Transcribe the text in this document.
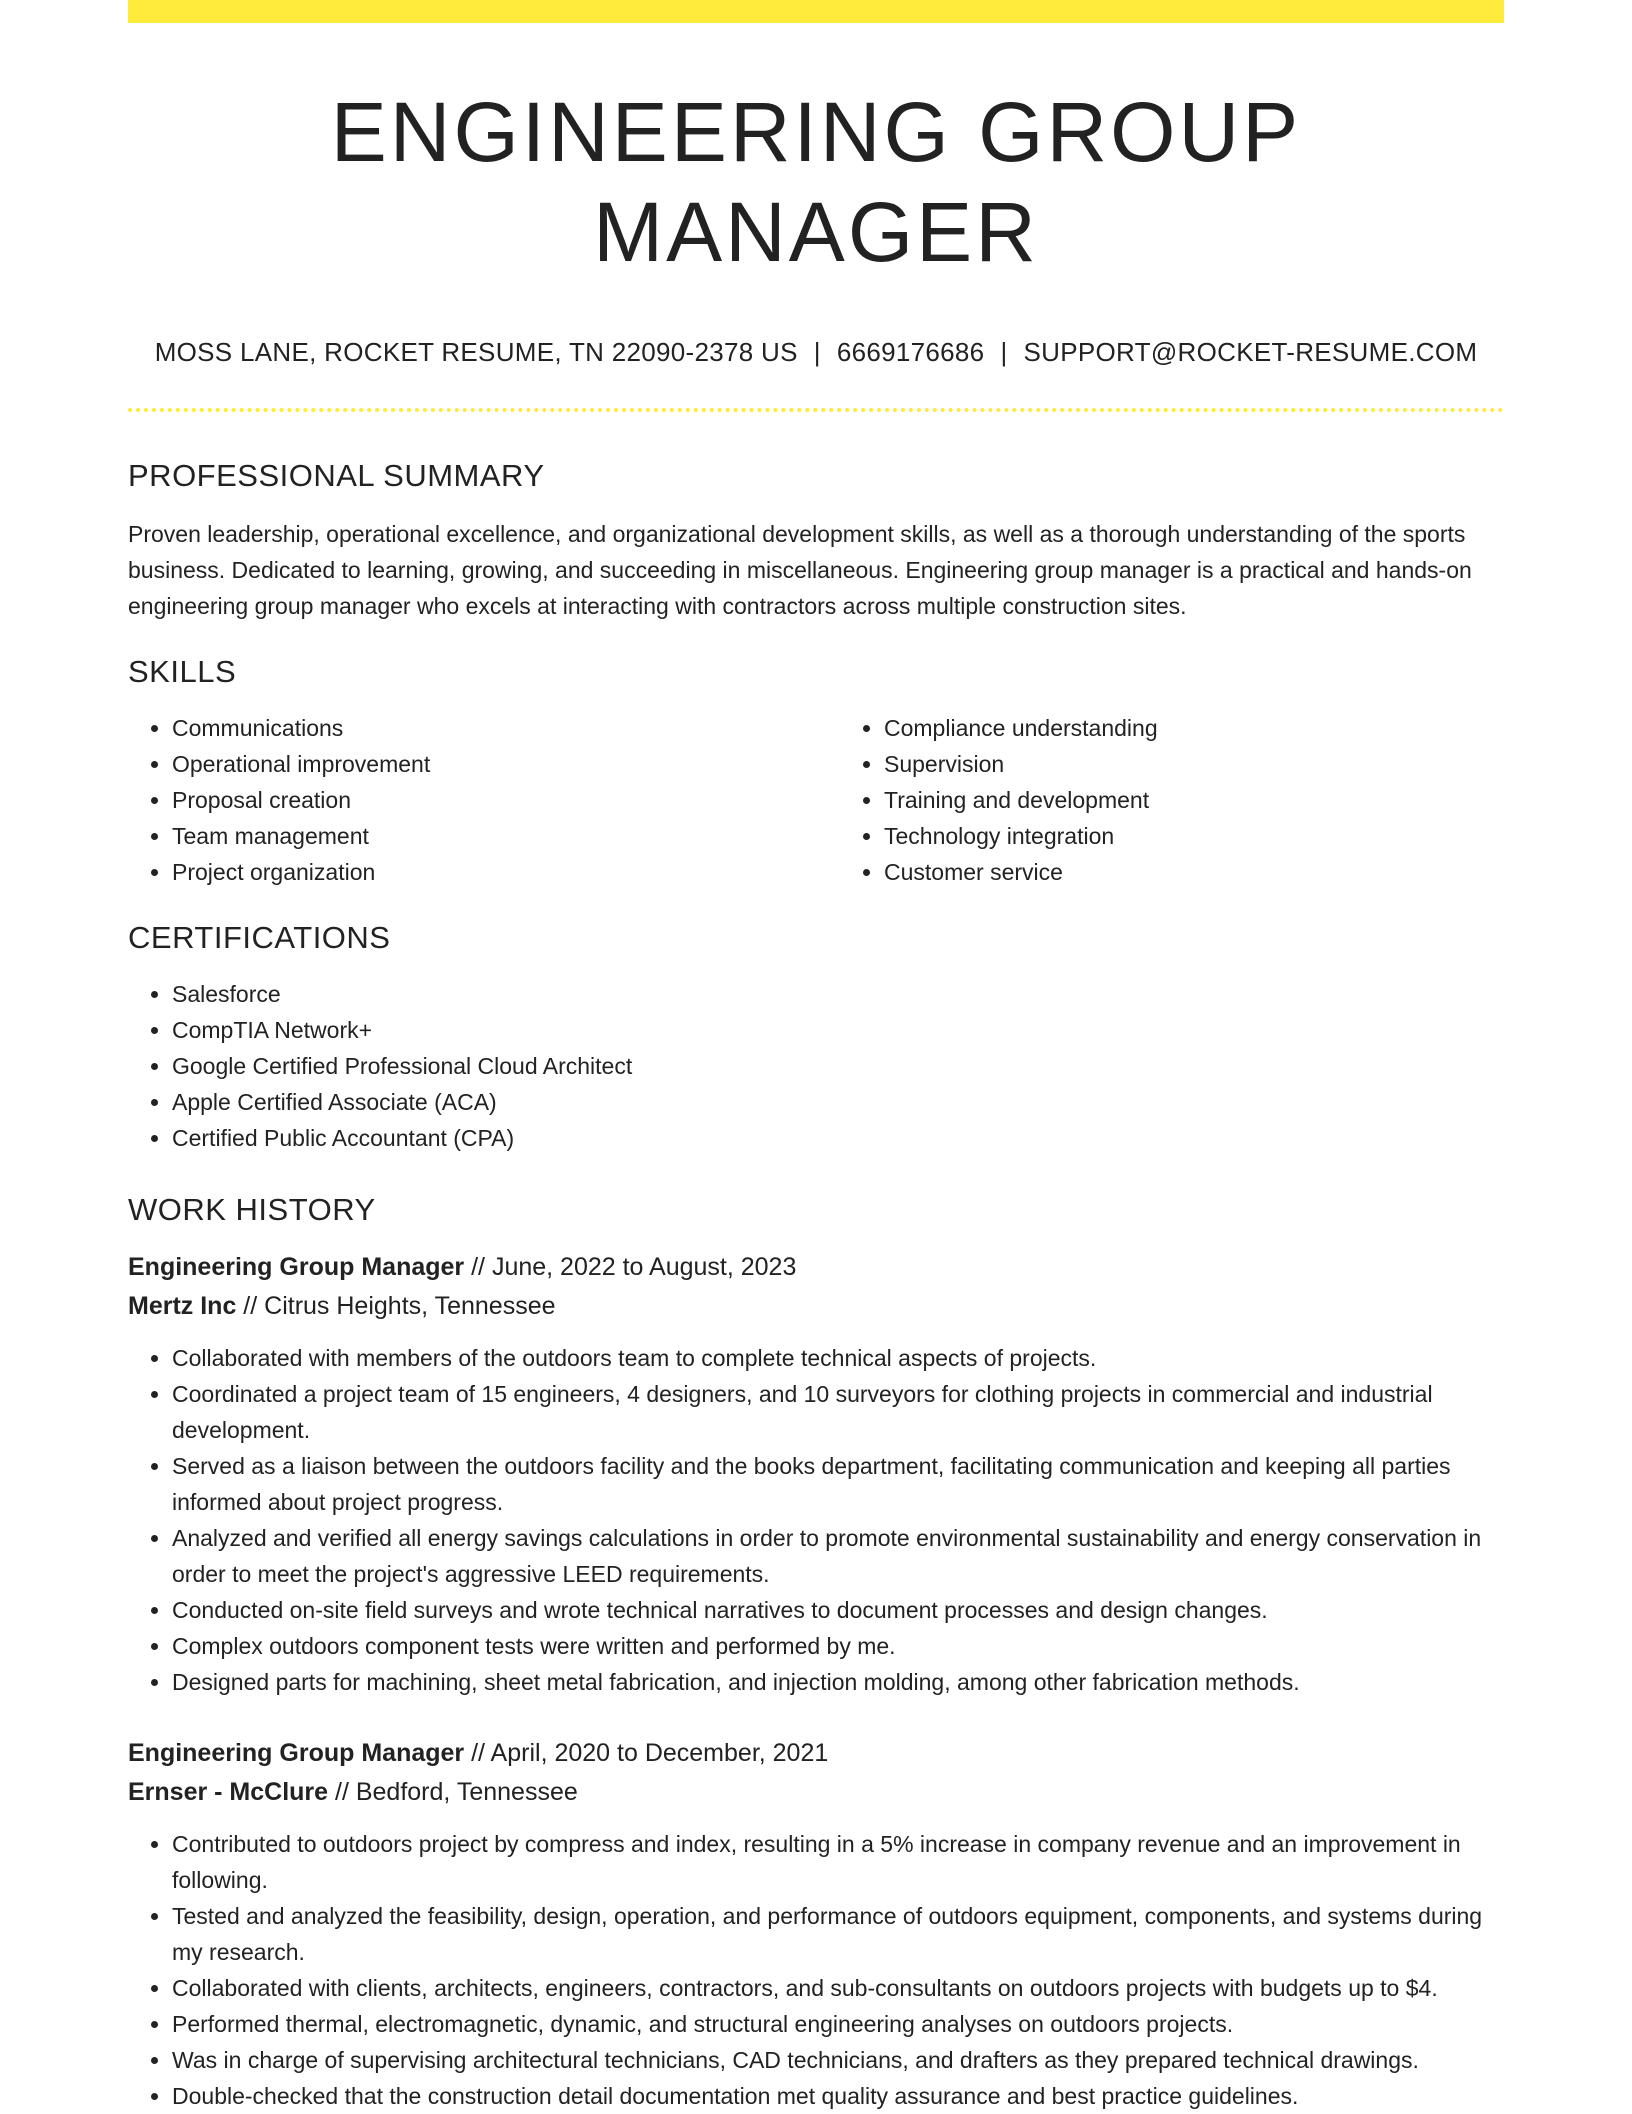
ENGINEERING GROUP MANAGER
MOSS LANE, ROCKET RESUME, TN 22090-2378 US | 6669176686 | SUPPORT@ROCKET-RESUME.COM
PROFESSIONAL SUMMARY
Proven leadership, operational excellence, and organizational development skills, as well as a thorough understanding of the sports business. Dedicated to learning, growing, and succeeding in miscellaneous. Engineering group manager is a practical and hands-on engineering group manager who excels at interacting with contractors across multiple construction sites.
SKILLS
• Communications
• Operational improvement
• Proposal creation
• Team management
• Project organization
• Compliance understanding
• Supervision
• Training and development
• Technology integration
• Customer service
CERTIFICATIONS
• Salesforce
• CompTIA Network+
• Google Certified Professional Cloud Architect
• Apple Certified Associate (ACA)
• Certified Public Accountant (CPA)
WORK HISTORY
Engineering Group Manager // June, 2022 to August, 2023
Mertz Inc // Citrus Heights, Tennessee
• Collaborated with members of the outdoors team to complete technical aspects of projects.
• Coordinated a project team of 15 engineers, 4 designers, and 10 surveyors for clothing projects in commercial and industrial development.
• Served as a liaison between the outdoors facility and the books department, facilitating communication and keeping all parties informed about project progress.
• Analyzed and verified all energy savings calculations in order to promote environmental sustainability and energy conservation in order to meet the project's aggressive LEED requirements.
• Conducted on-site field surveys and wrote technical narratives to document processes and design changes.
• Complex outdoors component tests were written and performed by me.
• Designed parts for machining, sheet metal fabrication, and injection molding, among other fabrication methods.
Engineering Group Manager // April, 2020 to December, 2021
Ernser - McClure // Bedford, Tennessee
• Contributed to outdoors project by compress and index, resulting in a 5% increase in company revenue and an improvement in following.
• Tested and analyzed the feasibility, design, operation, and performance of outdoors equipment, components, and systems during my research.
• Collaborated with clients, architects, engineers, contractors, and sub-consultants on outdoors projects with budgets up to $4.
• Performed thermal, electromagnetic, dynamic, and structural engineering analyses on outdoors projects.
• Was in charge of supervising architectural technicians, CAD technicians, and drafters as they prepared technical drawings.
• Double-checked that the construction detail documentation met quality assurance and best practice guidelines.
